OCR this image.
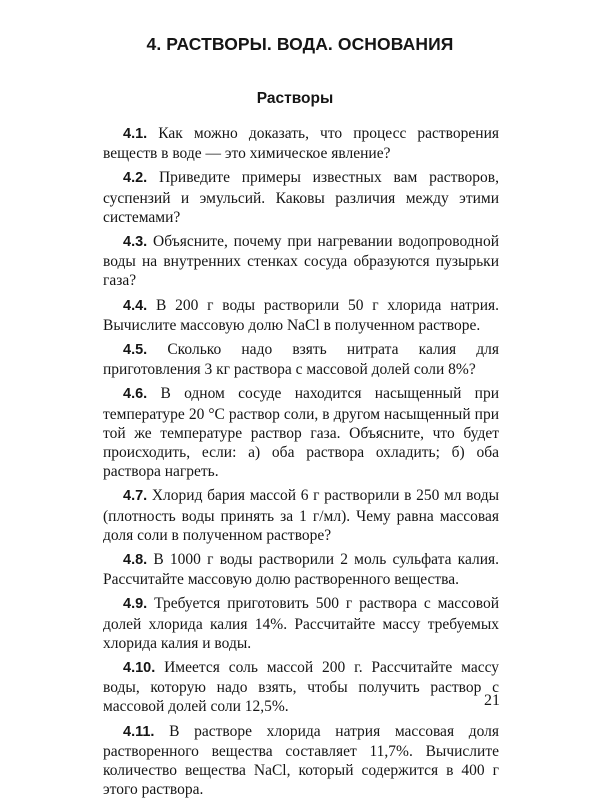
4. РАСТВОРЫ. ВОДА. ОСНОВАНИЯ
Растворы

4.1. Как можно доказать, что процесс растворения веществ в воде — это химическое явление?

4.2. Приведите примеры известных вам растворов, суспензий и эмульсий. Каковы различия между этими системами?

4.3. Объясните, почему при нагревании водопроводной воды на внутренних стенках сосуда образуются пузырьки газа?

4.4. В 200 г воды растворили 50 г хлорида натрия. Вычислите массовую долю NaCl в полученном растворе.

4.5. Сколько надо взять нитрата калия для приготовления 3 кг раствора с массовой долей соли 8%?

4.6. В одном сосуде находится насыщенный при температуре 20 °С раствор соли, в другом насыщенный при той же температуре раствор газа. Объясните, что будет происходить, если: а) оба раствора охладить; б) оба раствора нагреть.

4.7. Хлорид бария массой 6 г растворили в 250 мл воды (плотность воды принять за 1 г/мл). Чему равна массовая доля соли в полученном растворе?

4.8. В 1000 г воды растворили 2 моль сульфата калия. Рассчитайте массовую долю растворенного вещества.

4.9. Требуется приготовить 500 г раствора с массовой долей хлорида калия 14%. Рассчитайте массу требуемых хлорида калия и воды.

4.10. Имеется соль массой 200 г. Рассчитайте массу воды, которую надо взять, чтобы получить раствор с массовой долей соли 12,5%.

4.11. В растворе хлорида натрия массовая доля растворенного вещества составляет 11,7%. Вычислите количество вещества NaCl, который содержится в 400 г этого раствора.

21
